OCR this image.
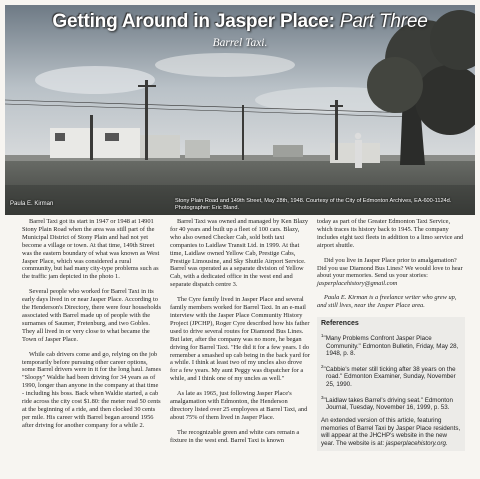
Getting Around in Jasper Place: Part Three
Barrel Taxi.
Paula E. Kirman	Stony Plain Road and 149th Street, May 28th, 1948. Courtesy of the City of Edmonton Archives, EA-600-1124d. Photographer: Eric Bland.

Barrel Taxi got its start in 1947 or 1948 at 14901 Stony Plain Road when the area was still part of the Municipal District of Stony Plain and had not yet become a village or town. At that time, 149th Street was the eastern boundary of what was known as West Jasper Place, which was considered a rural community, but had many city-type problems such as the traffic jam depicted in the photo 1.

Several people who worked for Barrel Taxi in its early days lived in or near Jasper Place. According to the Henderson's Directory, there were four households associated with Barrel made up of people with the surnames of Saumer, Fretenburg, and two Gobles. They all lived in or very close to what became the Town of Jasper Place.

While cab drivers come and go, relying on the job temporarily before pursuing other career options, some Barrel drivers were in it for the long haul. James "Sloopy" Waldie had been driving for 34 years as of 1990, longer than anyone in the company at that time - including his boss. Back when Waldie started, a cab ride across the city cost $1.80: the meter read 50 cents at the beginning of a ride, and then clocked 30 cents per mile. His career with Barrel began around 1956 after driving for another company for a while 2.

Barrel Taxi was owned and managed by Ken Blazy for 40 years and built up a fleet of 100 cars. Blazy, who also owned Checker Cab, sold both taxi companies to Laidlaw Transit Ltd. in 1999. At that time, Laidlaw owned Yellow Cab, Prestige Cabs, Prestige Limousine, and Sky Shuttle Airport Service. Barrel was operated as a separate division of Yellow Cab, with a dedicated office in the west end and separate dispatch centre 3.

The Cyre family lived in Jasper Place and several family members worked for Barrel Taxi. In an e-mail interview with the Jasper Place Community History Project (JPCHP), Roger Cyre described how his father used to drive several routes for Diamond Bus Lines. But later, after the company was no more, he began driving for Barrel Taxi. "He did it for a few years. I do remember a smashed up cab being in the back yard for a while. I think at least two of my uncles also drove for a few years. My aunt Peggy was dispatcher for a while, and I think one of my uncles as well."

As late as 1965, just following Jasper Place's amalgamation with Edmonton, the Henderson directory listed over 25 employees at Barrel Taxi, and about 75% of them lived in Jasper Place.

The recognizable green and white cars remain a fixture in the west end. Barrel Taxi is known

today as part of the Greater Edmonton Taxi Service, which traces its history back to 1945. The company includes eight taxi fleets in addition to a limo service and airport shuttle.

Did you live in Jasper Place prior to amalgamation? Did you use Diamond Bus Lines? We would love to hear about your memories. Send us your stories: jasperplacehistory@gmail.com

Paula E. Kirman is a freelance writer who grew up, and still lives, near the Jasper Place area.

References
$^1$"Many Problems Confront Jasper Place Community." Edmonton Bulletin, Friday, May 28, 1948, p. 8.
$^2$"Cabbie's meter still ticking after 38 years on the road." Edmonton Examiner, Sunday, November 25, 1990.
$^3$"Laidlaw takes Barrel's driving seat." Edmonton Journal, Tuesday, November 16, 1999, p. 53.
An extended version of this article, featuring memories of Barrel Taxi by Jasper Place residents, will appear at the JHCHP's website in the new year. The website is at: jasperplacehistory.org.
